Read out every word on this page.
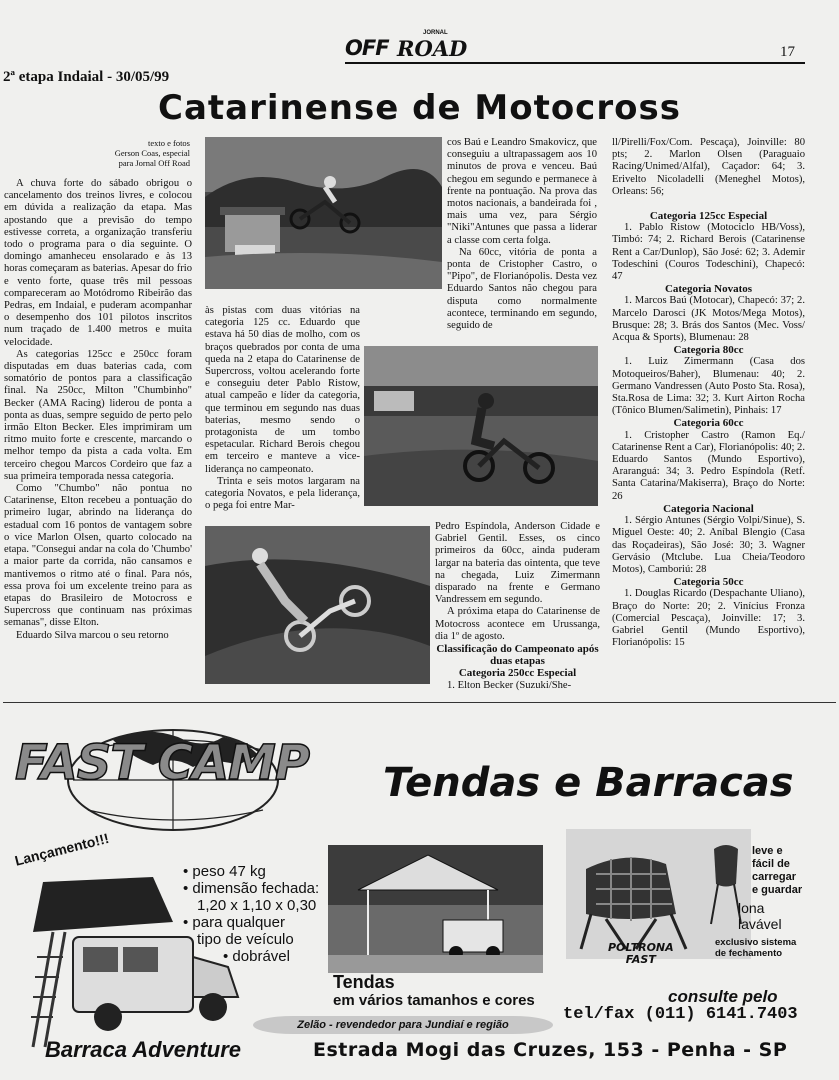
JORNAL
OFF ROAD	17
2ª etapa Indaial - 30/05/99
Catarinense de Motocross
texto e fotos
Gerson Coas, especial
para Jornal Off Road

A chuva forte do sábado obrigou o cancelamento dos treinos livres, e colocou em dúvida a realização da etapa. Mas apostando que a previsão do tempo estivesse correta, a organização transferiu todo o programa para o dia seguinte. O domingo amanheceu ensolarado e às 13 horas começaram as baterias. Apesar do frio e vento forte, quase três mil pessoas compareceram ao Motódromo Ribeirão das Pedras, em Indaial, e puderam acompanhar o desempenho dos 101 pilotos inscritos num traçado de 1.400 metros e muita velocidade.

As categorias 125cc e 250cc foram disputadas em duas baterias cada, com somatório de pontos para a classificação final. Na 250cc, Milton "Chumbinho" Becker (AMA Racing) liderou de ponta a ponta as duas, sempre seguido de perto pelo irmão Elton Becker. Eles imprimiram um ritmo muito forte e crescente, marcando o melhor tempo da pista a cada volta. Em terceiro chegou Marcos Cordeiro que faz a sua primeira temporada nessa categoria.

Como "Chumbo" não pontua no Catarinense, Elton recebeu a pontuação do primeiro lugar, abrindo na liderança do estadual com 16 pontos de vantagem sobre o vice Marlon Olsen, quarto colocado na etapa. "Consegui andar na cola do 'Chumbo' a maior parte da corrida, não cansamos e mantivemos o ritmo até o final. Para nós, essa prova foi um excelente treino para as etapas do Brasileiro de Motocross e Supercross que continuam nas próximas semanas", disse Elton.

Eduardo Silva marcou o seu retorno

às pistas com duas vitórias na categoria 125 cc. Eduardo que estava há 50 dias de molho, com os braços quebrados por conta de uma queda na 2 etapa do Catarinense de Supercross, voltou acelerando forte e conseguiu deter Pablo Ristow, atual campeão e líder da categoria, que terminou em segundo nas duas baterias, mesmo sendo o protagonista de um tombo espetacular. Richard Berois chegou em terceiro e manteve a vice-liderança no campeonato.

Trinta e seis motos largaram na categoria Novatos, e pela liderança, o pega foi entre Mar-

cos Baú e Leandro Smakovicz, que conseguiu a ultrapassagem aos 10 minutos de prova e venceu. Baú chegou em segundo e permanece à frente na pontuação. Na prova das motos nacionais, a bandeirada foi , mais uma vez, para Sérgio "Niki"Antunes que passa a liderar a classe com certa folga.

Na 60cc, vitória de ponta a ponta de Cristopher Castro, o "Pipo", de Florianópolis. Desta vez Eduardo Santos não chegou para disputa como normalmente acontece, terminando em segundo, seguido de

Pedro Espíndola, Anderson Cidade e Gabriel Gentil. Esses, os cinco primeiros da 60cc, ainda puderam largar na bateria das ointenta, que teve na chegada, Luiz Zimermann disparado na frente e Germano Vandressem em segundo.

A próxima etapa do Catarinense de Motocross acontece em Urussanga, dia 1º de agosto.

Classificação do Campeonato após duas etapas

Categoria 250cc Especial

1. Elton Becker (Suzuki/She-

ll/Pirelli/Fox/Com. Pescaça), Joinville: 80 pts; 2. Marlon Olsen (Paraguaio Racing/Unimed/Alfal), Caçador: 64; 3. Erivelto Nicoladelli (Meneghel Motos), Orleans: 56;

Categoria 125cc Especial

1. Pablo Ristow (Motociclo HB/Voss), Timbó: 74; 2. Richard Berois (Catarinense Rent a Car/Dunlop), São José: 62; 3. Ademir Todeschini (Couros Todeschini), Chapecó: 47

Categoria Novatos

1. Marcos Baú (Motocar), Chapecó: 37; 2. Marcelo Darosci (JK Motos/Mega Motos), Brusque: 28; 3. Brás dos Santos (Mec. Voss/ Acqua & Sports), Blumenau: 28

Categoria 80cc

1. Luiz Zimermann (Casa dos Motoqueiros/Baher), Blumenau: 40; 2. Germano Vandressen (Auto Posto Sta. Rosa), Sta.Rosa de Lima: 32; 3. Kurt Airton Rocha (Tônico Blumen/Salimetin), Pinhais: 17

Categoria 60cc

1. Cristopher Castro (Ramon Eq./ Catarinense Rent a Car), Florianópolis: 40; 2. Eduardo Santos (Mundo Esportivo), Araranguá: 34; 3. Pedro Espíndola (Retf. Santa Catarina/Makiserra), Braço do Norte: 26

Categoria Nacional

1. Sérgio Antunes (Sérgio Volpi/Sinue), S. Miguel Oeste: 40; 2. Aníbal Blengio (Casa das Roçadeiras), São José: 30; 3. Wagner Gervásio (Mtclube. Lua Cheia/Teodoro Motos), Camboriú: 28

Categoria 50cc

1. Douglas Ricardo (Despachante Uliano), Braço do Norte: 20; 2. Vinícius Fronza (Comercial Pescaça), Joinville: 17; 3. Gabriel Gentil (Mundo Esportivo), Florianópolis: 15

FAST CAMP Tendas e Barracas
Lançamento!!!
• peso 47 kg
• dimensão fechada:
1,20 x 1,10 x 0,30
• para qualquer
tipo de veículo
• dobrável
Barraca Adventure
Tendas
em vários tamanhos e cores
Zelão - revendedor para Jundiaí e região
leve e
fácil de
carregar
e guardar
lona
lavável
POLTRONA
FAST
exclusivo sistema
de fechamento
consulte pelo
tel/fax (011) 6141.7403
Estrada Mogi das Cruzes, 153 - Penha - SP
